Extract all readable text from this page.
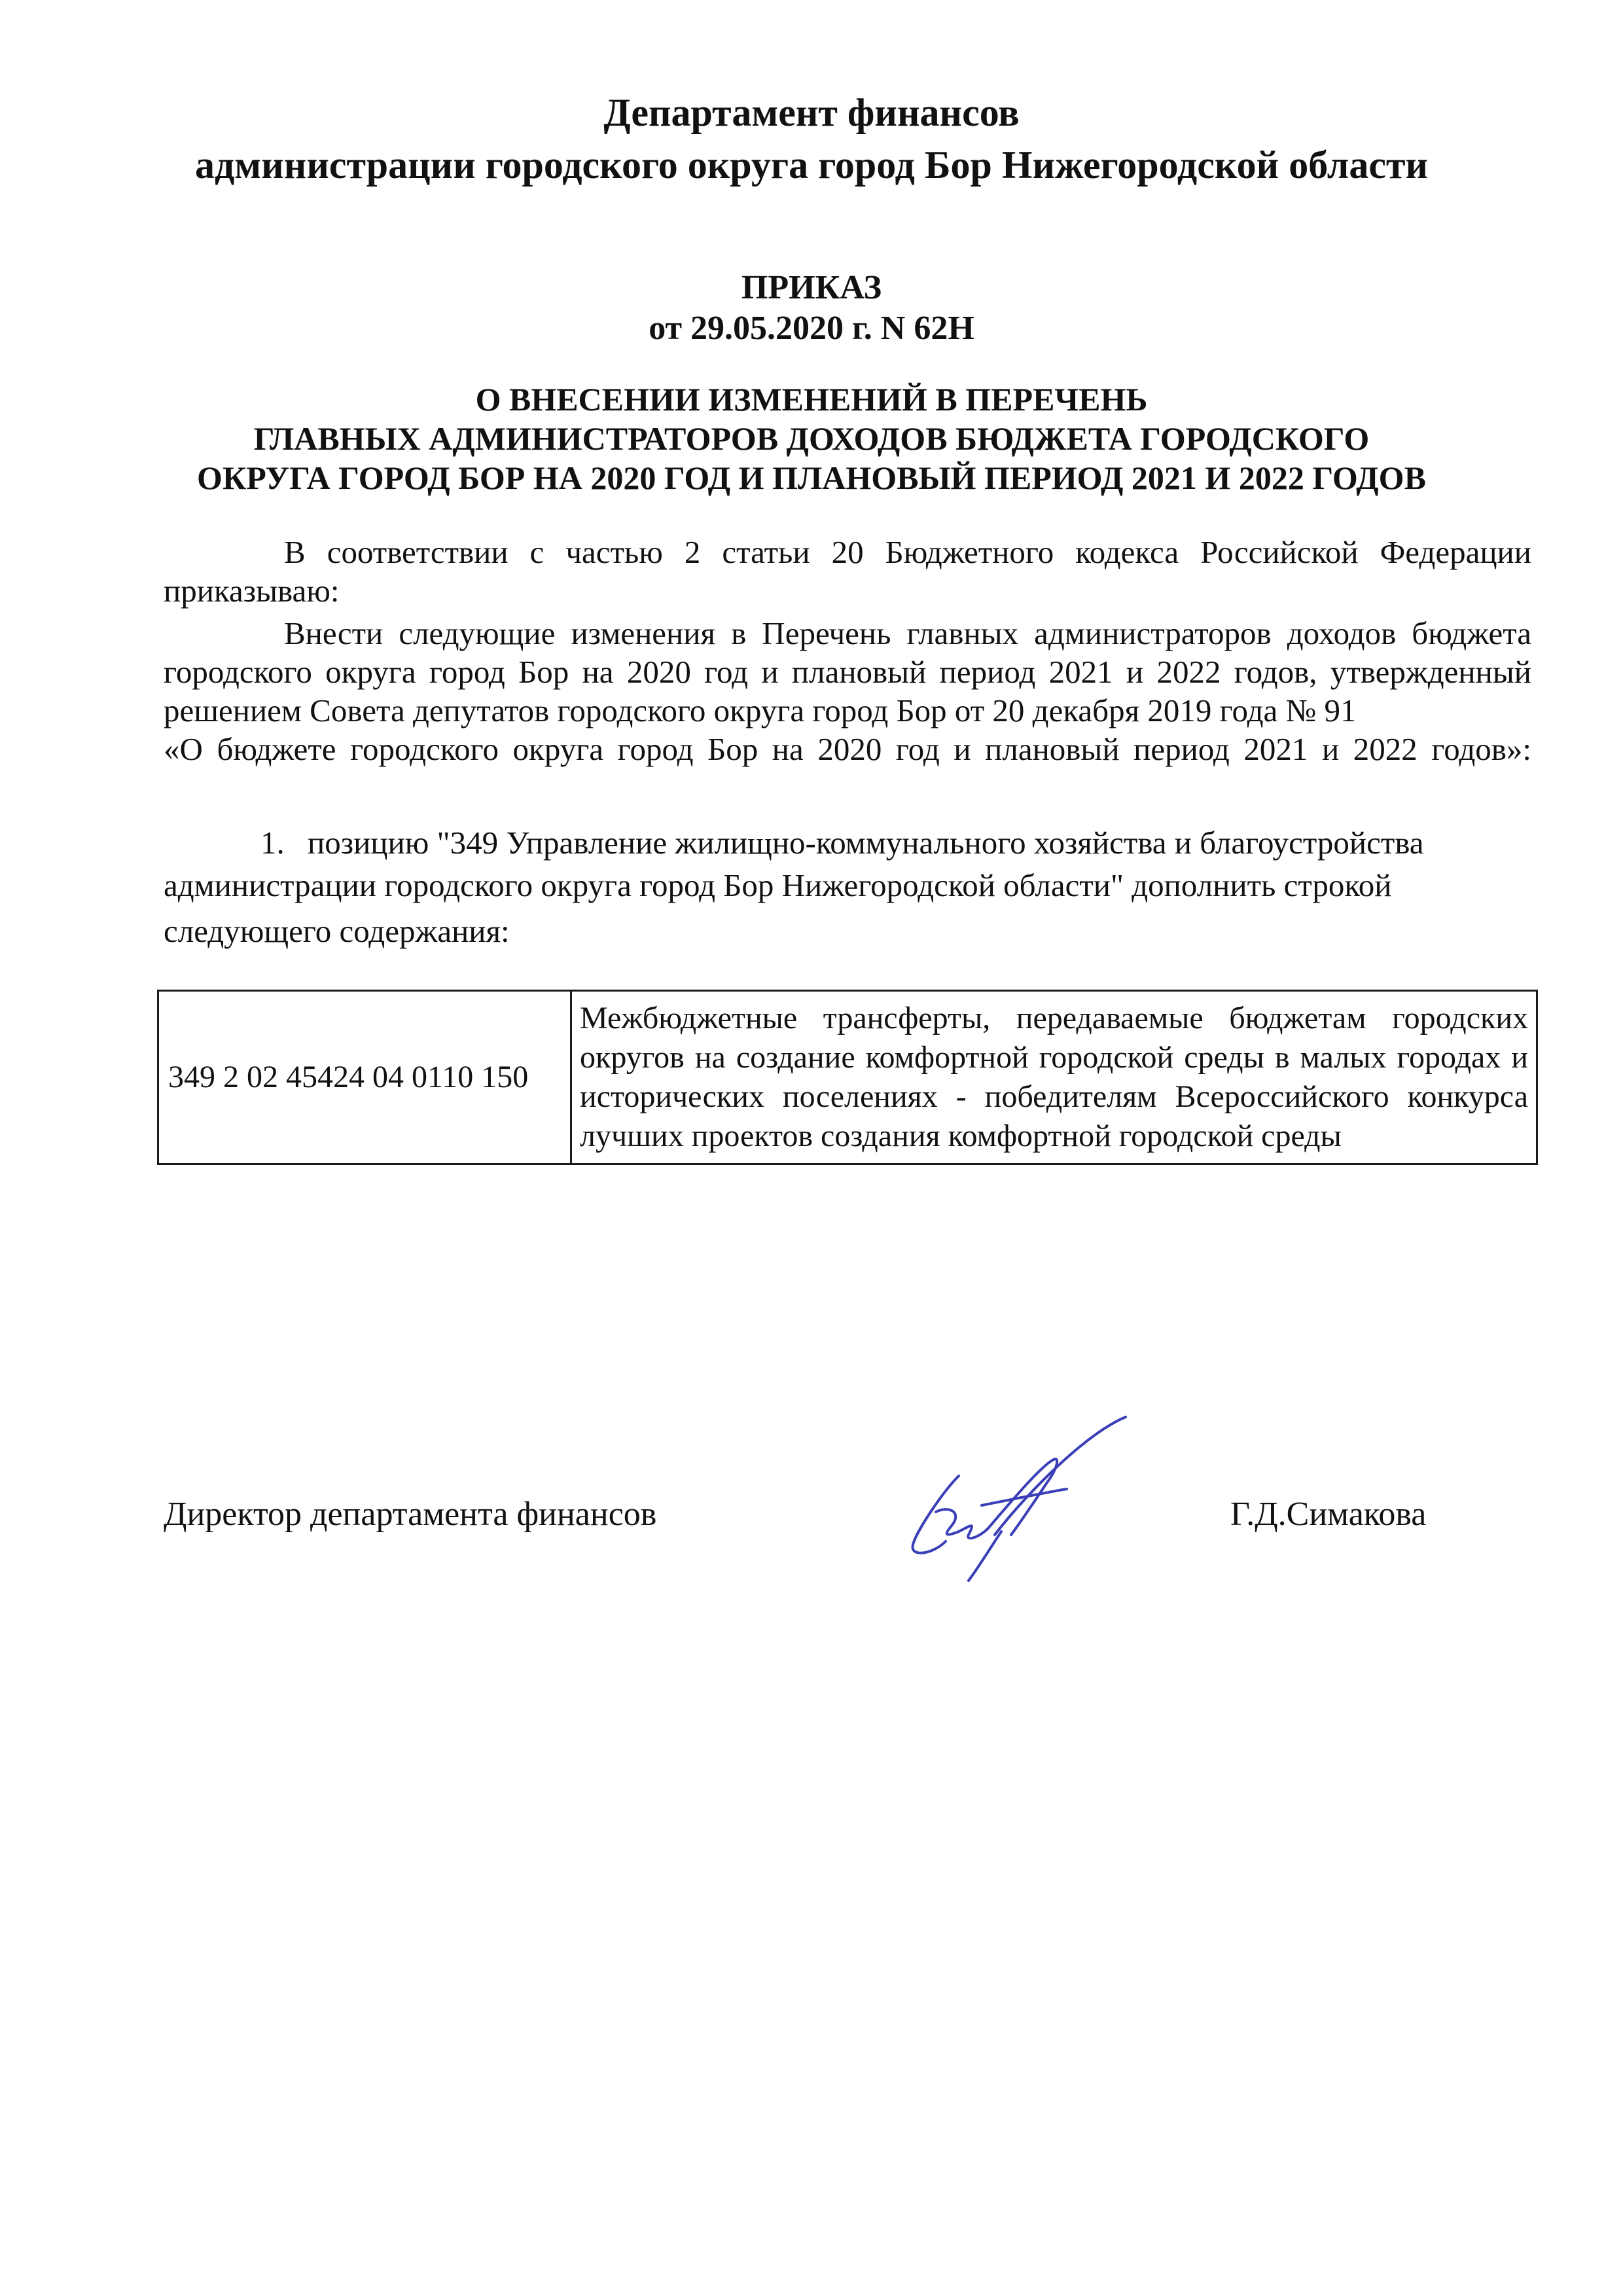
Департамент финансов
администрации городского округа город Бор Нижегородской области
ПРИКАЗ
от 29.05.2020 г. N 62Н
О ВНЕСЕНИИ ИЗМЕНЕНИЙ В ПЕРЕЧЕНЬ
ГЛАВНЫХ АДМИНИСТРАТОРОВ ДОХОДОВ БЮДЖЕТА ГОРОДСКОГО
ОКРУГА ГОРОД БОР НА 2020 ГОД И ПЛАНОВЫЙ ПЕРИОД 2021 И 2022 ГОДОВ
В соответствии с частью 2 статьи 20 Бюджетного кодекса Российской Федерации
приказываю:
Внести следующие изменения в Перечень главных администраторов доходов бюджета
городского округа город Бор на 2020 год и плановый период 2021 и 2022 годов, утвержденный
решением Совета депутатов городского округа город Бор от 20 декабря 2019 года № 91
«О бюджете городского округа город Бор на 2020 год и плановый период 2021 и 2022 годов»:
1. позицию "349 Управление жилищно-коммунального хозяйства и благоустройства
администрации городского округа город Бор Нижегородской области" дополнить строкой
следующего содержания:
349 2 02 45424 04 0110 150	
Межбюджетные трансферты, передаваемые бюджетам городских
округов на создание комфортной городской среды в малых городах и
исторических поселениях - победителям Всероссийского конкурса
лучших проектов создания комфортной городской среды
Директор департамента финансов	Г.Д.Симакова
